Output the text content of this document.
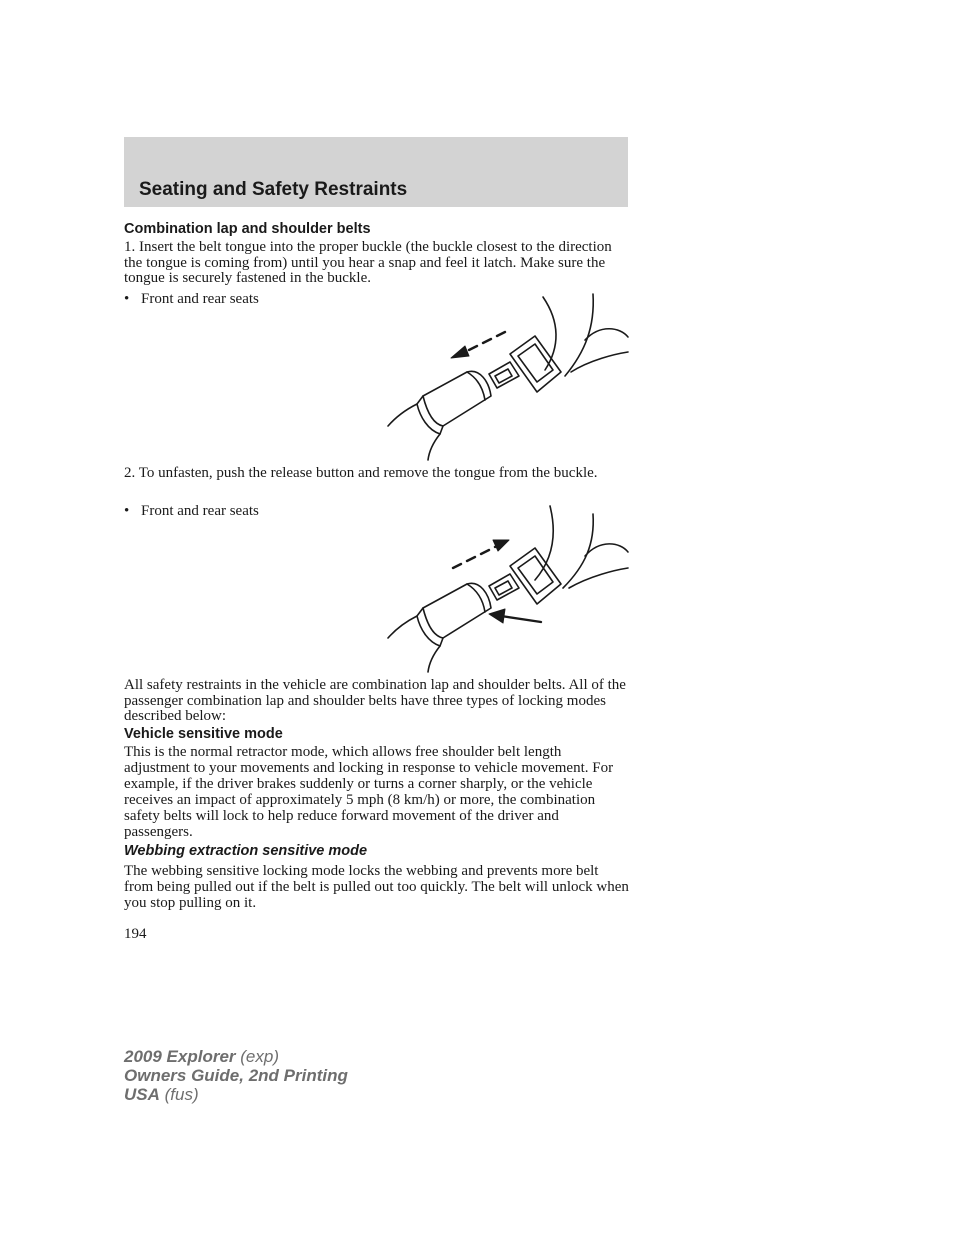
Seating and Safety Restraints
Combination lap and shoulder belts

1. Insert the belt tongue into the proper buckle (the buckle closest to the direction the tongue is coming from) until you hear a snap and feel it latch. Make sure the tongue is securely fastened in the buckle.

• Front and rear seats

2. To unfasten, push the release button and remove the tongue from the buckle.

• Front and rear seats

All safety restraints in the vehicle are combination lap and shoulder belts. All of the passenger combination lap and shoulder belts have three types of locking modes described below:

Vehicle sensitive mode

This is the normal retractor mode, which allows free shoulder belt length adjustment to your movements and locking in response to vehicle movement. For example, if the driver brakes suddenly or turns a corner sharply, or the vehicle receives an impact of approximately 5 mph (8 km/h) or more, the combination safety belts will lock to help reduce forward movement of the driver and passengers.

Webbing extraction sensitive mode

The webbing sensitive locking mode locks the webbing and prevents more belt from being pulled out if the belt is pulled out too quickly. The belt will unlock when you stop pulling on it.

194
2009 Explorer (exp)
Owners Guide, 2nd Printing
USA (fus)
